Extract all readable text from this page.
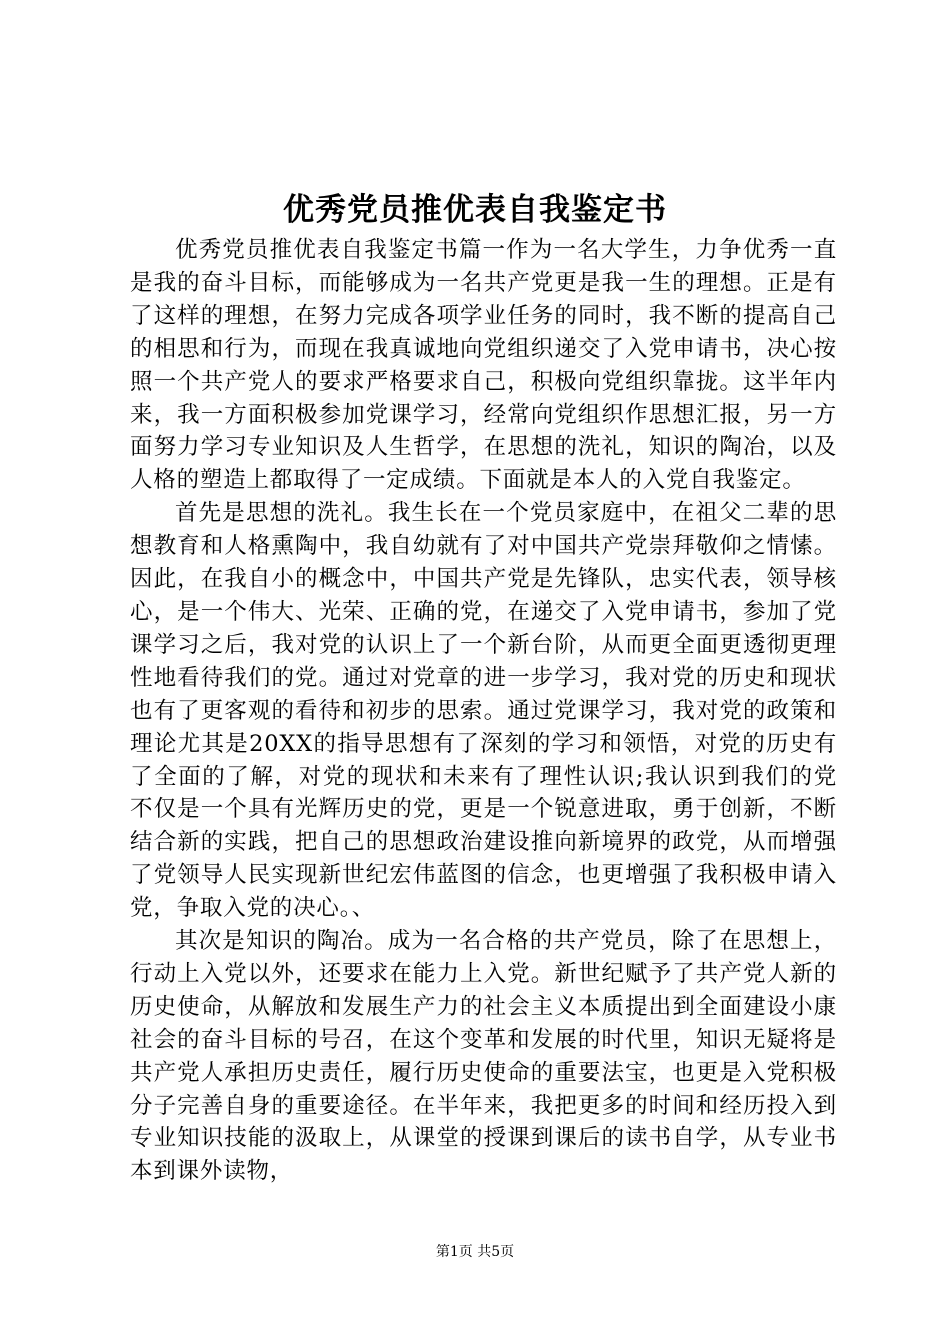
优秀党员推优表自我鉴定书

优秀党员推优表自我鉴定书篇一作为一名大学生，力争优秀一直是我的奋斗目标，而能够成为一名共产党更是我一生的理想。正是有了这样的理想，在努力完成各项学业任务的同时，我不断的提高自己的相思和行为，而现在我真诚地向党组织递交了入党申请书，决心按照一个共产党人的要求严格要求自己，积极向党组织靠拢。这半年内来，我一方面积极参加党课学习，经常向党组织作思想汇报，另一方面努力学习专业知识及人生哲学，在思想的洗礼，知识的陶冶，以及人格的塑造上都取得了一定成绩。下面就是本人的入党自我鉴定。

首先是思想的洗礼。我生长在一个党员家庭中，在祖父二辈的思想教育和人格熏陶中，我自幼就有了对中国共产党崇拜敬仰之情愫。因此，在我自小的概念中，中国共产党是先锋队，忠实代表，领导核心，是一个伟大、光荣、正确的党，在递交了入党申请书，参加了党课学习之后，我对党的认识上了一个新台阶，从而更全面更透彻更理性地看待我们的党。通过对党章的进一步学习，我对党的历史和现状也有了更客观的看待和初步的思索。通过党课学习，我对党的政策和理论尤其是20XX的指导思想有了深刻的学习和领悟，对党的历史有了全面的了解，对党的现状和未来有了理性认识;我认识到我们的党不仅是一个具有光辉历史的党，更是一个锐意进取，勇于创新，不断结合新的实践，把自己的思想政治建设推向新境界的政党，从而增强了党领导人民实现新世纪宏伟蓝图的信念，也更增强了我积极申请入党，争取入党的决心。、

其次是知识的陶冶。成为一名合格的共产党员，除了在思想上，行动上入党以外，还要求在能力上入党。新世纪赋予了共产党人新的历史使命，从解放和发展生产力的社会主义本质提出到全面建设小康社会的奋斗目标的号召，在这个变革和发展的时代里，知识无疑将是共产党人承担历史责任，履行历史使命的重要法宝，也更是入党积极分子完善自身的重要途径。在半年来，我把更多的时间和经历投入到专业知识技能的汲取上，从课堂的授课到课后的读书自学，从专业书本到课外读物，

第1页 共5页
